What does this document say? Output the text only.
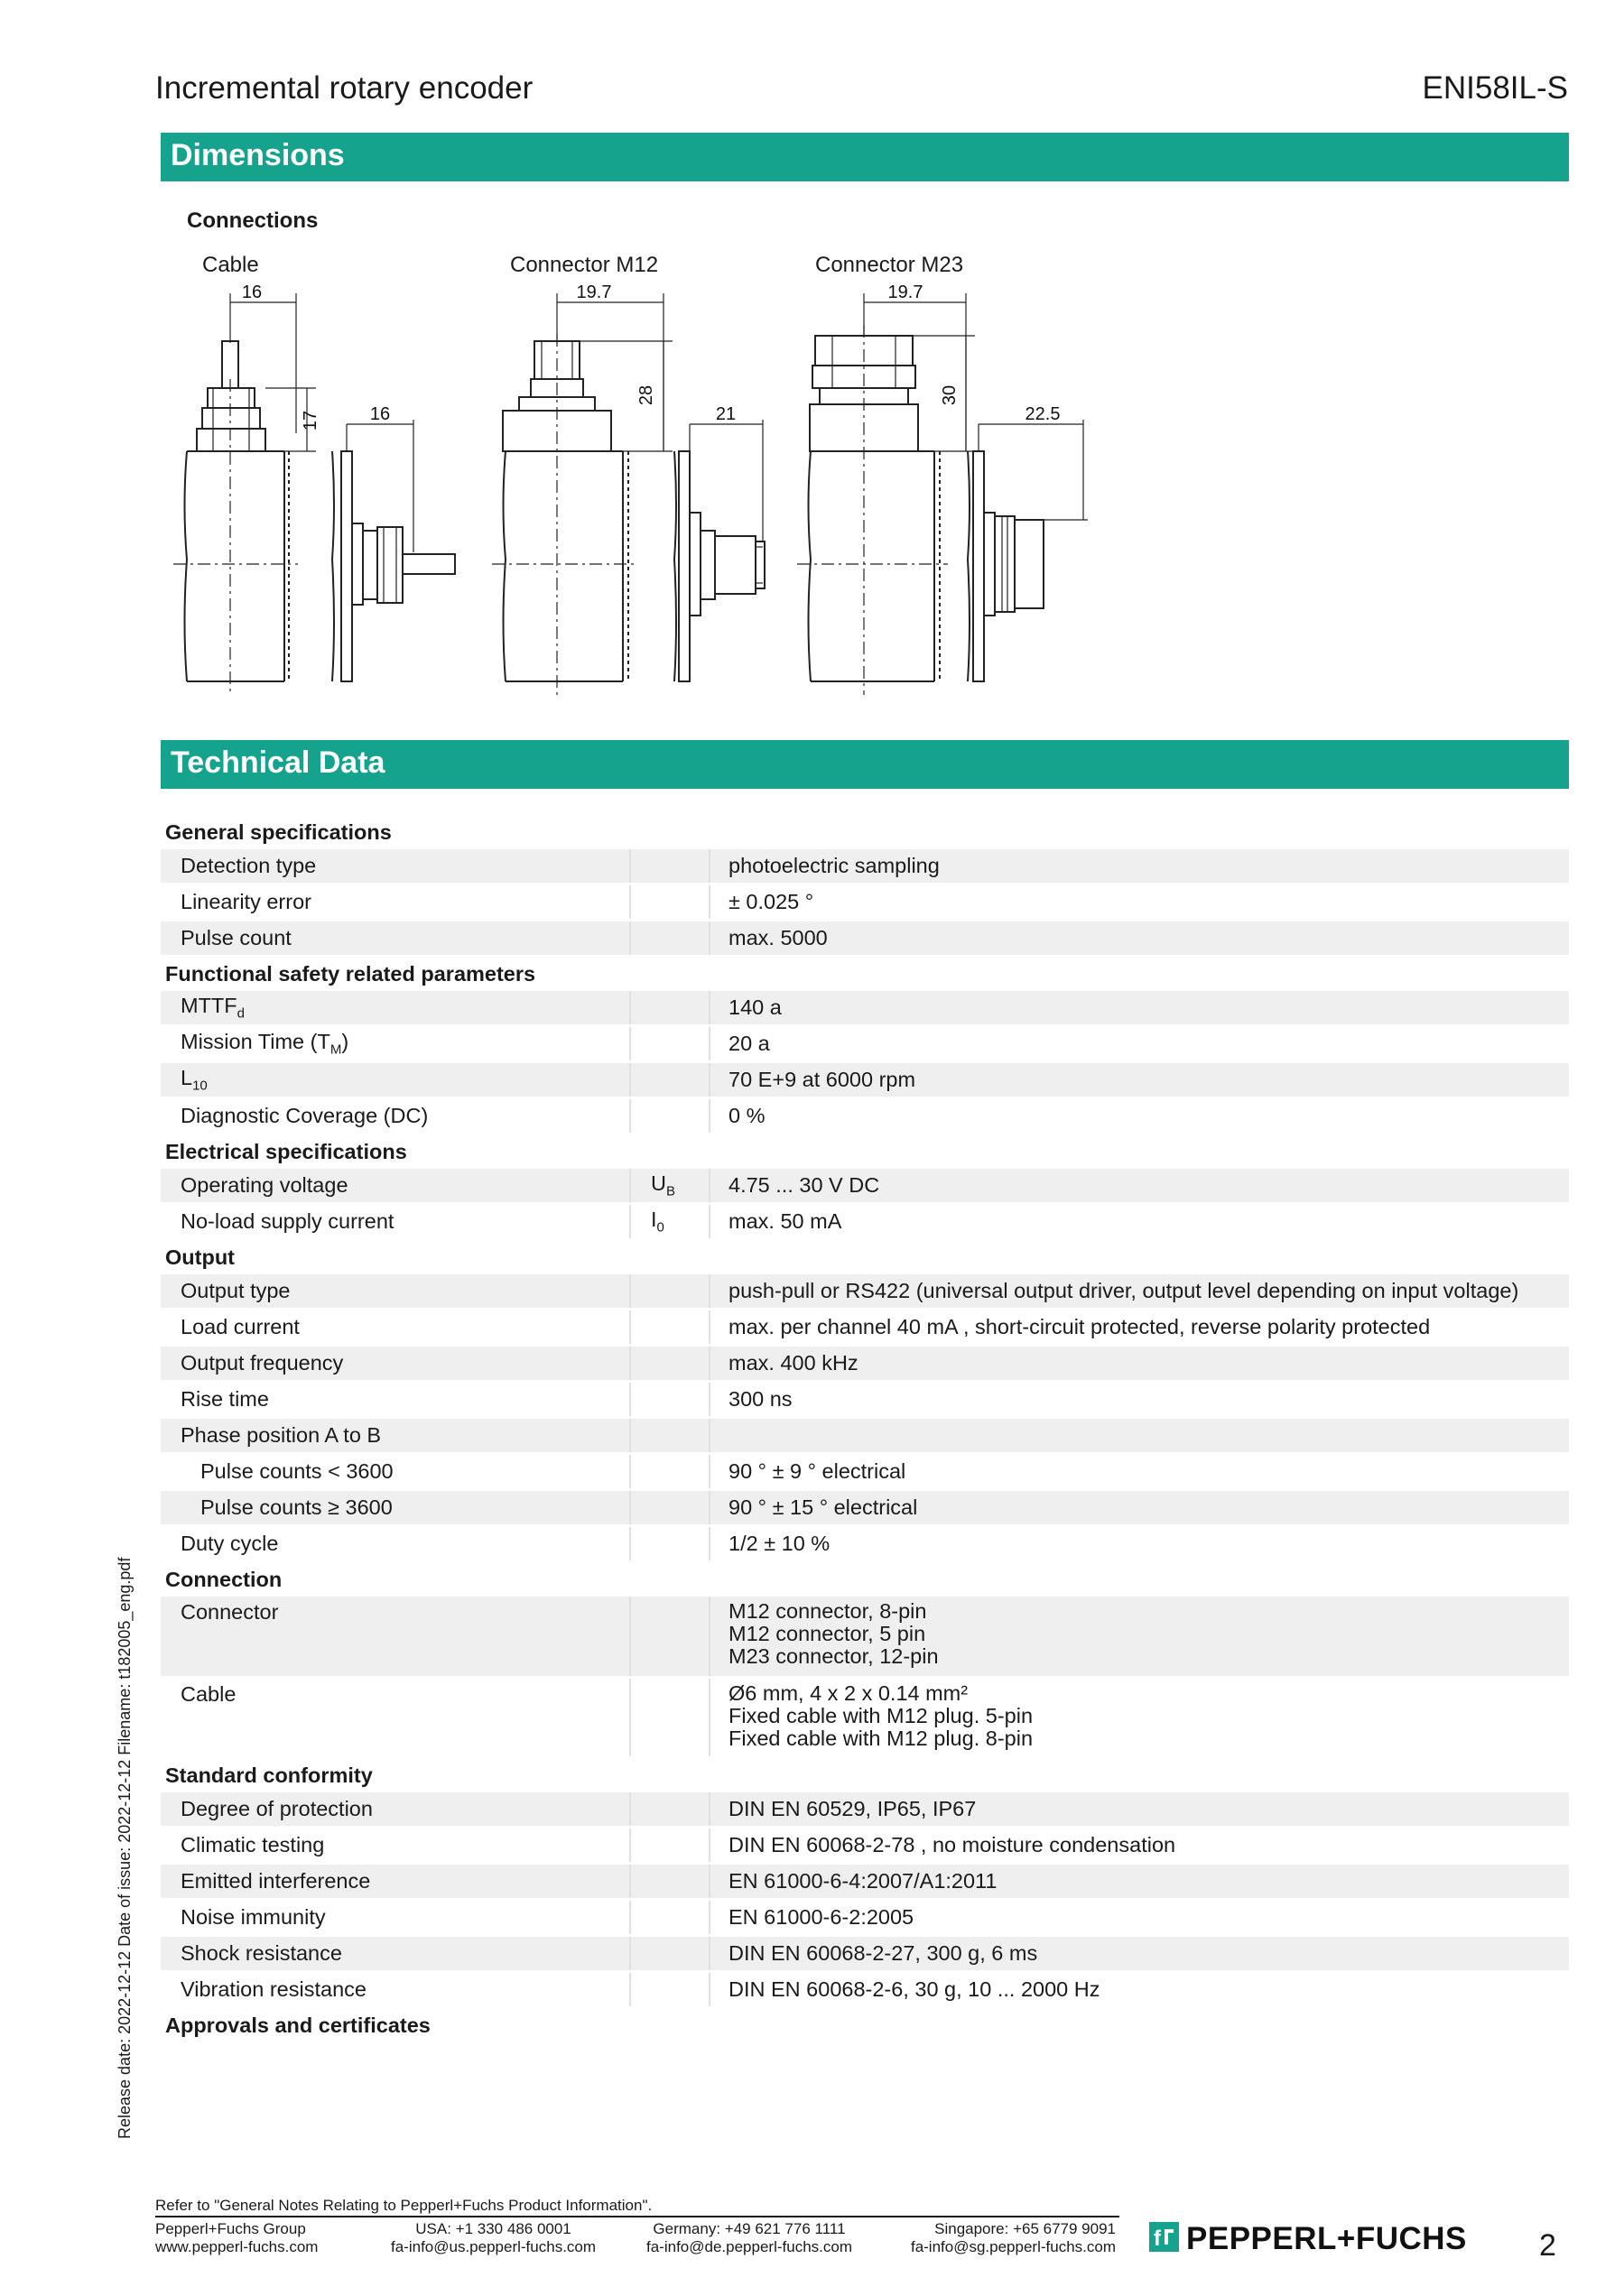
Incremental rotary encoder	ENI58IL-S
Dimensions
Connections
Cable	Connector M12	Connector M23
16
17	16
19.7
28
21
19.7
30
22.5
Technical Data
General specifications		
Detection type		photoelectric sampling
Linearity error		± 0.025 °
Pulse count		max. 5000
Functional safety related parameters		
$MTTF_d$		140 a
Mission Time $(T_M)$		20 a
$L_{10}$		70 E+9 at 6000 rpm
Diagnostic Coverage (DC)		0 %
Electrical specifications		
Operating voltage	$U_B$	4.75 ... 30 V DC
No-load supply current	$I_0$	max. 50 mA
Output		
Output type		push-pull or RS422 (universal output driver, output level depending on input voltage)
Load current		max. per channel 40 mA , short-circuit protected, reverse polarity protected
Output frequency		max. 400 kHz
Rise time		300 ns
Phase position A to B		
Pulse counts < 3600		90 ° ± 9 ° electrical
Pulse counts ≥ 3600		90 ° ± 15 ° electrical
Duty cycle		1/2 ± 10 %
Connection		
Connector		M12 connector, 8-pin
M12 connector, 5 pin
M23 connector, 12-pin

Cable		Ø6 mm, 4 x 2 x 0.14 mm²
Fixed cable with M12 plug. 5-pin
Fixed cable with M12 plug. 8-pin

Standard conformity		
Degree of protection		DIN EN 60529, IP65, IP67
Climatic testing		DIN EN 60068-2-78 , no moisture condensation
Emitted interference		EN 61000-6-4:2007/A1:2011
Noise immunity		EN 61000-6-2:2005
Shock resistance		DIN EN 60068-2-27, 300 g, 6 ms
Vibration resistance		DIN EN 60068-2-6, 30 g, 10 ... 2000 Hz
Approvals and certificates		
Release date: 2022-12-12 Date of issue: 2022-12-12 Filename: t182005_eng.pdf
Refer to "General Notes Relating to Pepperl+Fuchs Product Information".
Pepperl+Fuchs Group
www.pepperl-fuchs.com
USA: +1 330 486 0001
fa-info@us.pepperl-fuchs.com
Germany: +49 621 776 1111
fa-info@de.pepperl-fuchs.com
Singapore: +65 6779 9091
fa-info@sg.pepperl-fuchs.com f PEPPERL+FUCHS 2
